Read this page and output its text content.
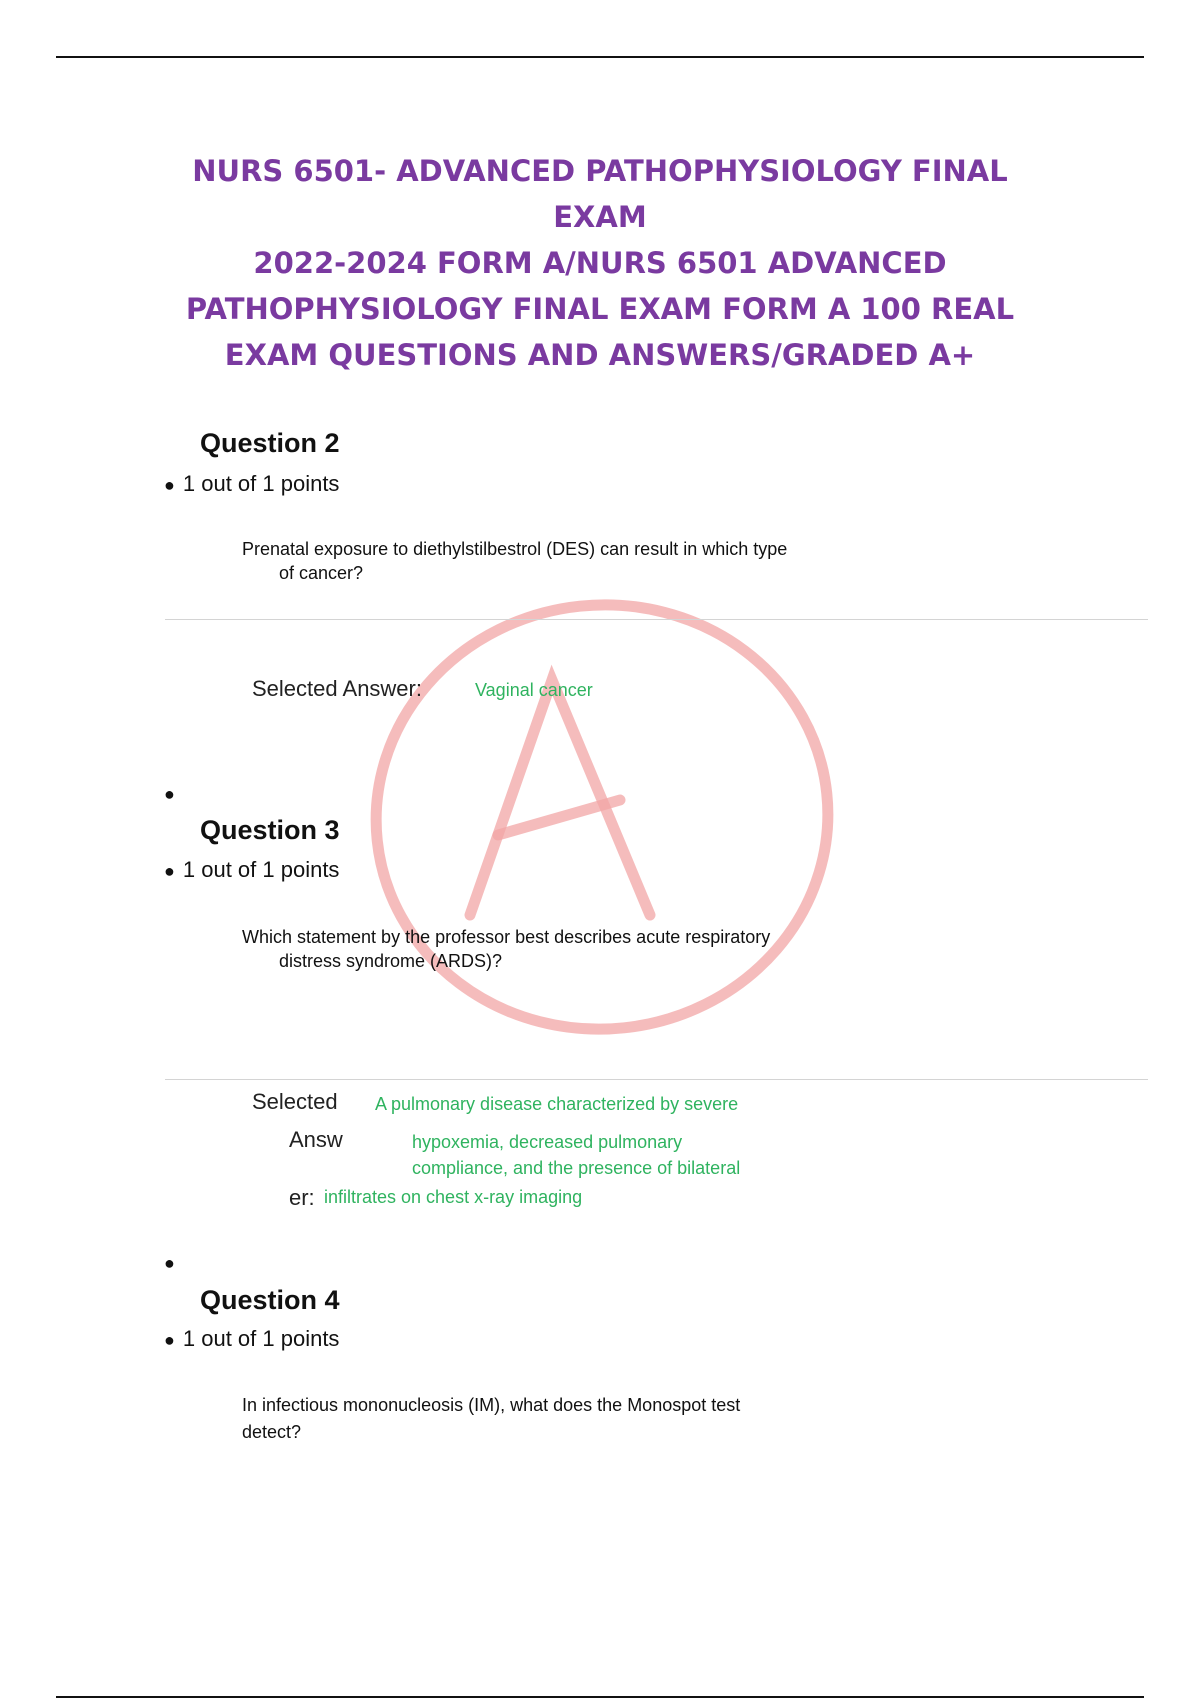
NURS 6501- ADVANCED PATHOPHYSIOLOGY FINAL EXAM
2022-2024 FORM A/NURS 6501 ADVANCED
PATHOPHYSIOLOGY FINAL EXAM FORM A 100 REAL
EXAM QUESTIONS AND ANSWERS/GRADED A+
Question 2
● 1 out of 1 points

Prenatal exposure to diethylstilbestrol (DES) can result in which type
of cancer?

Selected Answer:	Vaginal cancer
●
Question 3
● 1 out of 1 points

Which statement by the professor best describes acute respiratory
distress syndrome (ARDS)?

Selected
Answ
er:
A pulmonary disease characterized by severe
hypoxemia, decreased pulmonary
compliance, and the presence of bilateral
infiltrates on chest x-ray imaging
●
Question 4
● 1 out of 1 points

In infectious mononucleosis (IM), what does the Monospot test
detect?
